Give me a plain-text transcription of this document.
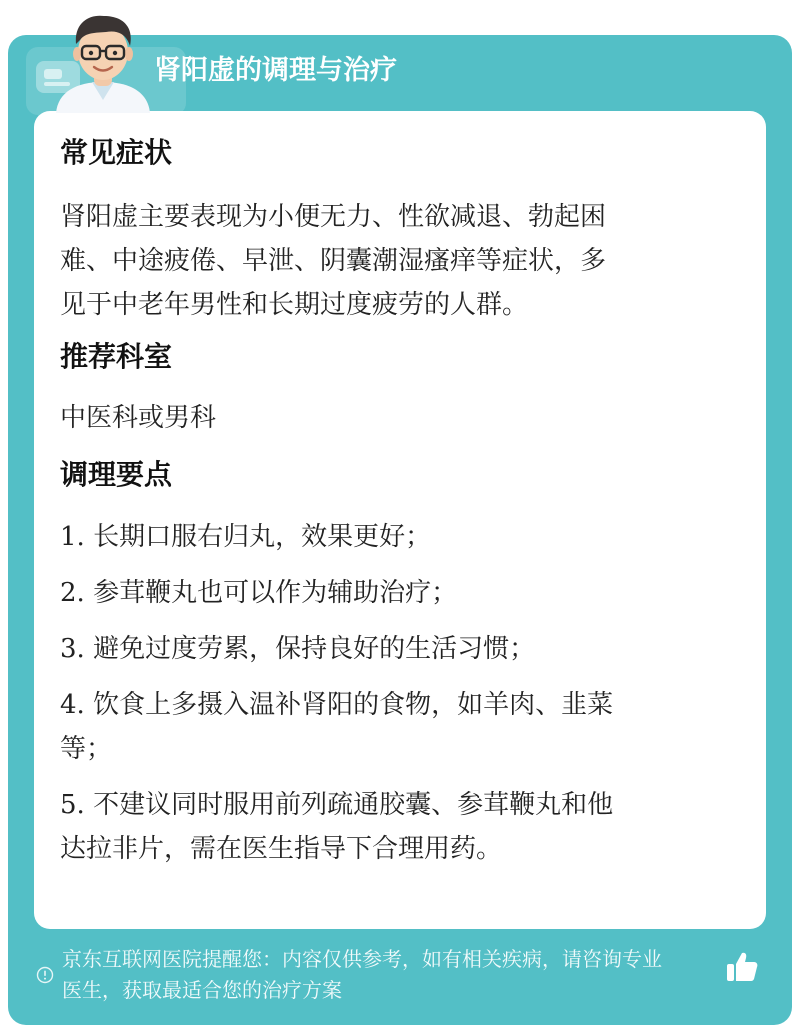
肾阳虚的调理与治疗
常见症状

肾阳虚主要表现为小便无力、性欲减退、勃起困
难、中途疲倦、早泄、阴囊潮湿瘙痒等症状，多
见于中老年男性和长期过度疲劳的人群。

推荐科室

中医科或男科

调理要点
1. 长期口服右归丸，效果更好；
2. 参茸鞭丸也可以作为辅助治疗；
3. 避免过度劳累，保持良好的生活习惯；
4. 饮食上多摄入温补肾阳的食物，如羊肉、韭菜
等；
5. 不建议同时服用前列疏通胶囊、参茸鞭丸和他
达拉非片，需在医生指导下合理用药。

京东互联网医院提醒您：内容仅供参考，如有相关疾病，请咨询专业
医生，获取最适合您的治疗方案
